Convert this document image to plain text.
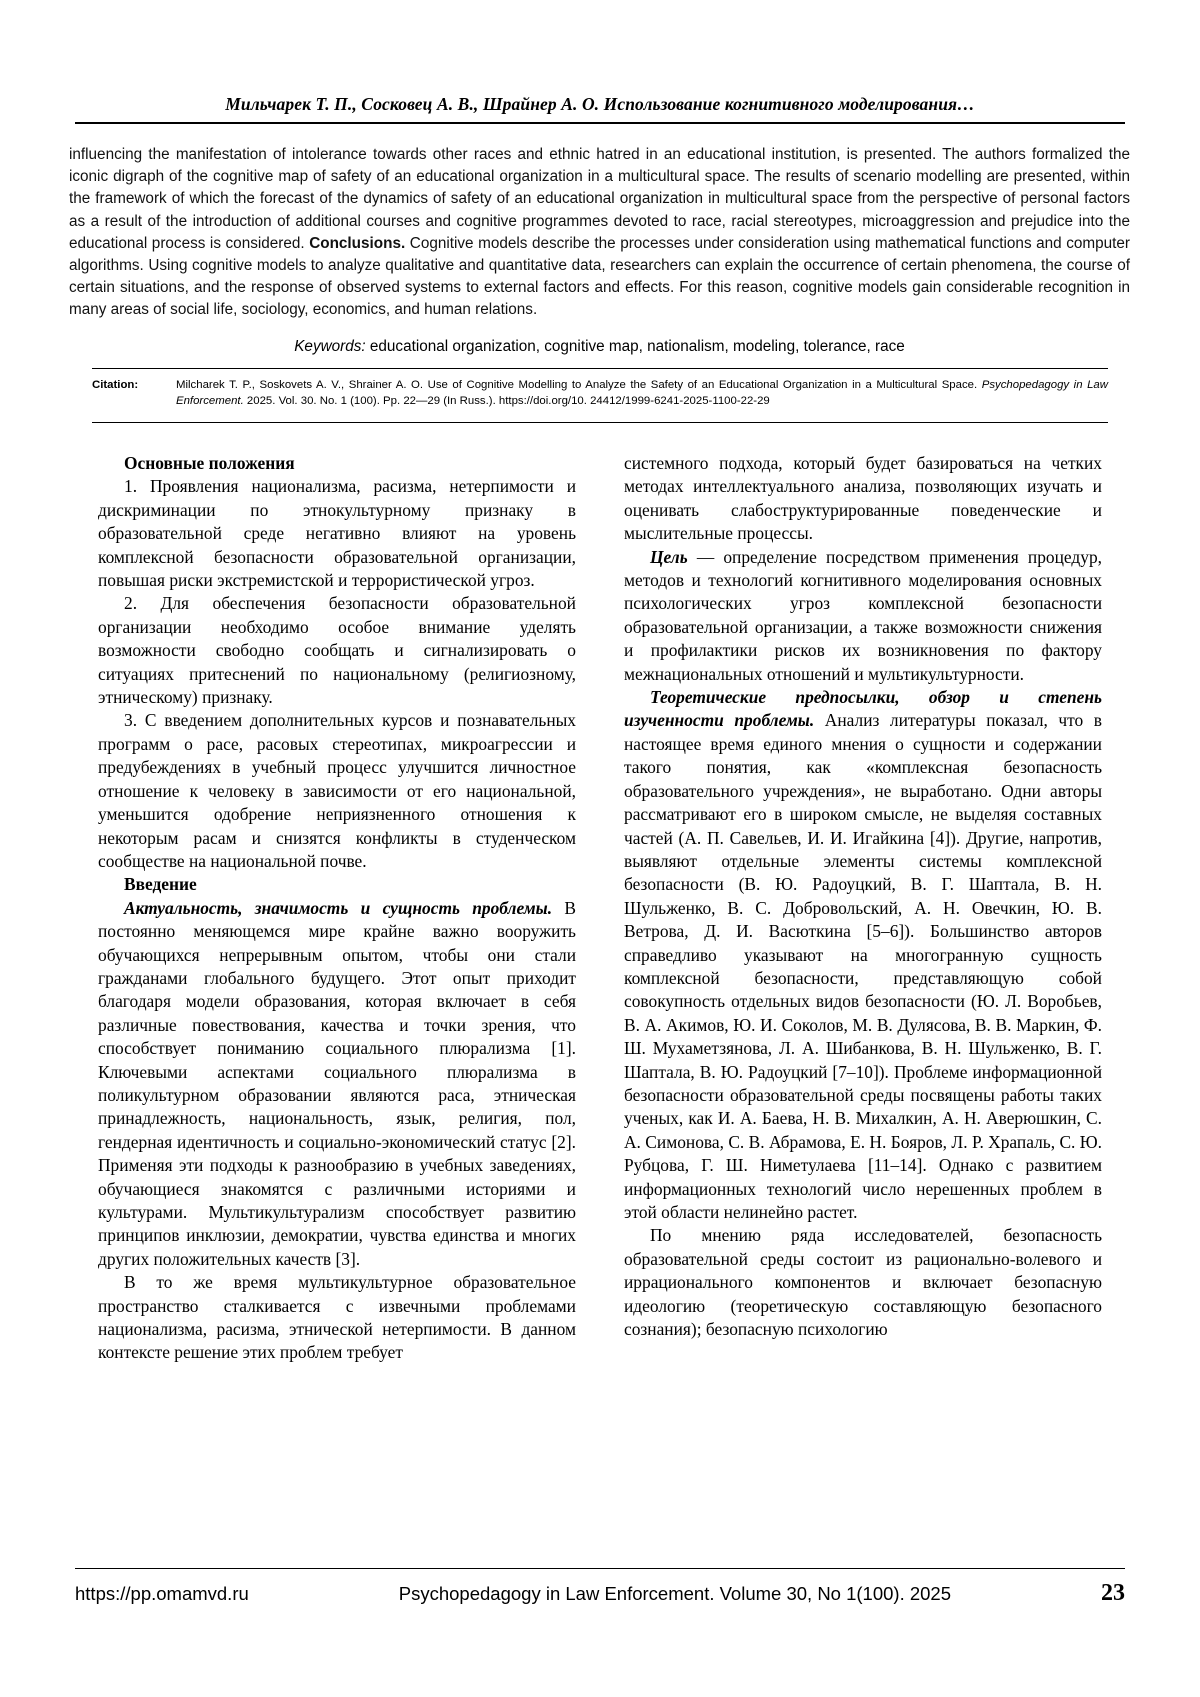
Мильчарек Т. П., Сосковец А. В., Шрайнер А. О. Использование когнитивного моделирования…

influencing the manifestation of intolerance towards other races and ethnic hatred in an educational institution, is presented. The authors formalized the iconic digraph of the cognitive map of safety of an educational organization in a multicultural space. The results of scenario modelling are presented, within the framework of which the forecast of the dynamics of safety of an educational organization in multicultural space from the perspective of personal factors as a result of the introduction of additional courses and cognitive programmes devoted to race, racial stereotypes, microaggression and prejudice into the educational process is considered. Conclusions. Cognitive models describe the processes under consideration using mathematical functions and computer algorithms. Using cognitive models to analyze qualitative and quantitative data, researchers can explain the occurrence of certain phenomena, the course of certain situations, and the response of observed systems to external factors and effects. For this reason, cognitive models gain considerable recognition in many areas of social life, sociology, economics, and human relations.

Keywords: educational organization, cognitive map, nationalism, modeling, tolerance, race
Citation:	Milcharek T. P., Soskovets A. V., Shrainer A. O. Use of Cognitive Modelling to Analyze the Safety of an Educational Organization in a Multicultural Space. Psychopedagogy in Law Enforcement. 2025. Vol. 30. No. 1 (100). Pp. 22—29 (In Russ.). https://doi.org/10. 24412/1999-6241-2025-1100-22-29

Основные положения

1. Проявления национализма, расизма, нетерпимости и дискриминации по этнокультурному признаку в образовательной среде негативно влияют на уровень комплексной безопасности образовательной организации, повышая риски экстремистской и террористической угроз.

2. Для обеспечения безопасности образовательной организации необходимо особое внимание уделять возможности свободно сообщать и сигнализировать о ситуациях притеснений по национальному (религиозному, этническому) признаку.

3. С введением дополнительных курсов и познавательных программ о расе, расовых стереотипах, микроагрессии и предубеждениях в учебный процесс улучшится личностное отношение к человеку в зависимости от его национальной, уменьшится одобрение неприязненного отношения к некоторым расам и снизятся конфликты в студенческом сообществе на национальной почве.

Введение

Актуальность, значимость и сущность проблемы. В постоянно меняющемся мире крайне важно вооружить обучающихся непрерывным опытом, чтобы они стали гражданами глобального будущего. Этот опыт приходит благодаря модели образования, которая включает в себя различные повествования, качества и точки зрения, что способствует пониманию социального плюрализма [1]. Ключевыми аспектами социального плюрализма в поликультурном образовании являются раса, этническая принадлежность, национальность, язык, религия, пол, гендерная идентичность и социально-экономический статус [2]. Применяя эти подходы к разнообразию в учебных заведениях, обучающиеся знакомятся с различными историями и культурами. Мультикультурализм способствует развитию принципов инклюзии, демократии, чувства единства и многих других положительных качеств [3].

В то же время мультикультурное образовательное пространство сталкивается с извечными проблемами национализма, расизма, этнической нетерпимости. В данном контексте решение этих проблем требует

системного подхода, который будет базироваться на четких методах интеллектуального анализа, позволяющих изучать и оценивать слабоструктурированные поведенческие и мыслительные процессы.

Цель — определение посредством применения процедур, методов и технологий когнитивного моделирования основных психологических угроз комплексной безопасности образовательной организации, а также возможности снижения и профилактики рисков их возникновения по фактору межнациональных отношений и мультикультурности.

Теоретические предпосылки, обзор и степень изученности проблемы. Анализ литературы показал, что в настоящее время единого мнения о сущности и содержании такого понятия, как «комплексная безопасность образовательного учреждения», не выработано. Одни авторы рассматривают его в широком смысле, не выделяя составных частей (А. П. Савельев, И. И. Игайкина [4]). Другие, напротив, выявляют отдельные элементы системы комплексной безопасности (В. Ю. Радоуцкий, В. Г. Шаптала, В. Н. Шульженко, В. С. Добровольский, А. Н. Овечкин, Ю. В. Ветрова, Д. И. Васюткина [5–6]). Большинство авторов справедливо указывают на многогранную сущность комплексной безопасности, представляющую собой совокупность отдельных видов безопасности (Ю. Л. Воробьев, В. А. Акимов, Ю. И. Соколов, М. В. Дулясова, В. В. Маркин, Ф. Ш. Мухаметзянова, Л. А. Шибанкова, В. Н. Шульженко, В. Г. Шаптала, В. Ю. Радоуцкий [7–10]). Проблеме информационной безопасности образовательной среды посвящены работы таких ученых, как И. А. Баева, Н. В. Михалкин, А. Н. Аверюшкин, С. А. Симонова, С. В. Абрамова, Е. Н. Бояров, Л. Р. Храпаль, С. Ю. Рубцова, Г. Ш. Ниметулаева [11–14]. Однако с развитием информационных технологий число нерешенных проблем в этой области нелинейно растет.

По мнению ряда исследователей, безопасность образовательной среды состоит из рационально-волевого и иррационального компонентов и включает безопасную идеологию (теоретическую составляющую безопасного сознания); безопасную психологию

https://pp.omamvd.ru	Psychopedagogy in Law Enforcement. Volume 30, No 1(100). 2025	23
